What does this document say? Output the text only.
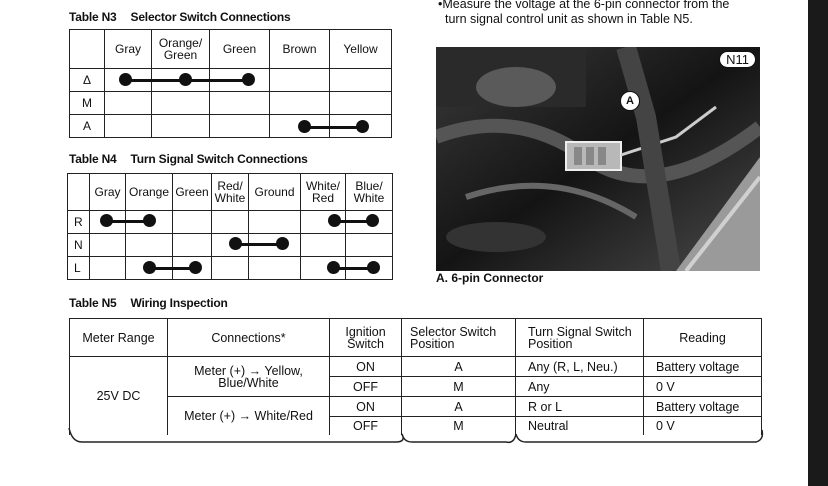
•Measure the voltage at the 6-pin connector from the
turn signal control unit as shown in Table N5.
Table N3 Selector Switch Connections
	Gray	Orange/ Green	Green	Brown	Yellow
Δ					
M					
A					
Table N4 Turn Signal Switch Connections
	Gray	Orange	Green	Red/ White	Ground	White/ Red	Blue/ White
R							
N							
L							
N11
A
A. 6-pin Connector
Table N5 Wiring Inspection
Meter Range	Connections*	Ignition Switch	Selector Switch Position	Turn Signal Switch Position	Reading
25V DC	Meter (+) → Yellow, Blue/White	ON	A	Any (R, L, Neu.)	Battery voltage
		OFF	M	Any	0 V
	Meter (+) → White/Red	ON	A	R or L	Battery voltage
		OFF	M	Neutral	0 V
